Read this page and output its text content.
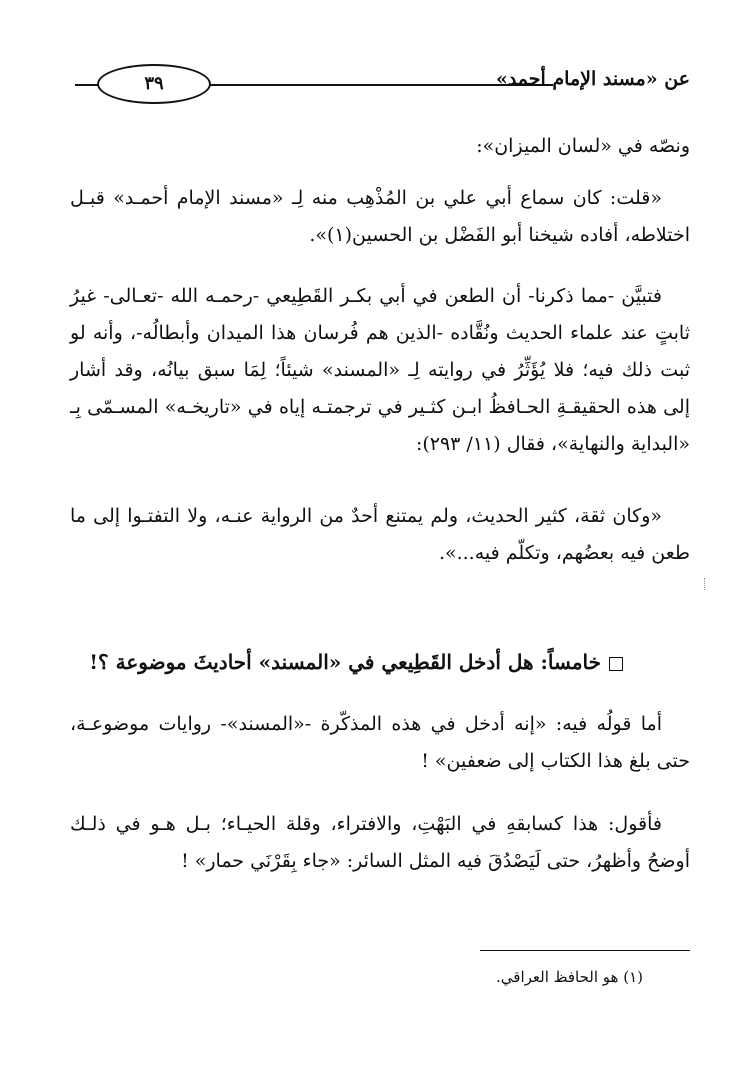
٣٩	عن «مسند الإمام أحمد»
ونصّه في «لسان الميزان»:
«قلت: كان سماع أبي علي بن المُذْهِب منه لِـ «مسند الإمام أحمـد» قبـل اختلاطه، أفاده شيخنا أبو الفَضْل بن الحسين(١)».
فتبيَّن -مما ذكرنا- أن الطعن في أبي بكـر القَطِيعي -رحمـه الله -تعـالى- غيرُ ثابتٍ عند علماء الحديث ونُقَّاده -الذين هم فُرسان هذا الميدان وأبطالُه-، وأنه لو ثبت ذلك فيه؛ فلا يُؤَثِّرُ في روايته لِـ «المسند» شيئاً؛ لِمَا سبق بيانُه، وقد أشار إلى هذه الحقيقـةِ الحـافظُ ابـن كثـير في ترجمتـه إياه في «تاريخـه» المسـمّى بِـ «البداية والنهاية»، فقال (١١/ ٢٩٣):
«وكان ثقة، كثير الحديث، ولم يمتنع أحدٌ من الرواية عنـه، ولا التفتـوا إلى ما طعن فيه بعضُهم، وتكلّم فيه...».
خامساً: هل أدخل القَطِيعي في «المسند» أحاديثَ موضوعة ؟!
أما قولُه فيه: «إنه أدخل في هذه المذكّرة -«المسند»- روايات موضوعـة، حتى بلغ هذا الكتاب إلى ضعفين» !
فأقول: هذا كسابقهِ في البَهْتِ، والافتراء، وقلة الحيـاء؛ بـل هـو في ذلـك أوضحُ وأظهرُ، حتى لَيَصْدُقَ فيه المثل السائر: «جاء بِقَرْنَي حمار» !
(١) هو الحافظ العراقي.
